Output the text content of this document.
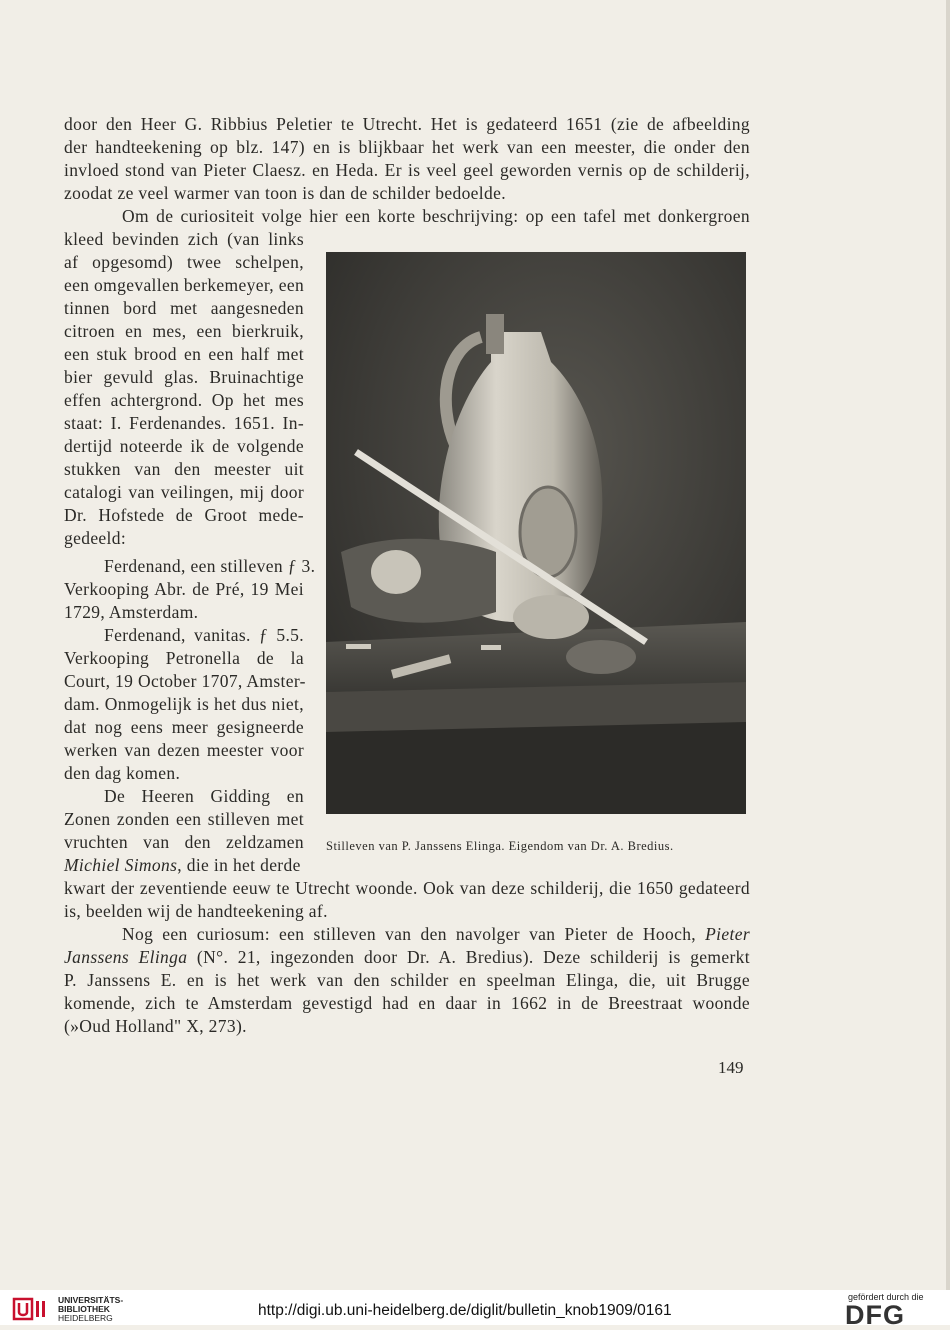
door den Heer G. Ribbius Peletier te Utrecht. Het is gedateerd 1651 (zie de afbeelding
der handteekening op blz. 147) en is blijkbaar het werk van een meester, die onder den
invloed stond van Pieter Claesz. en Heda. Er is veel geel geworden vernis op de schilderij,
zoodat ze veel warmer van toon is dan de schilder bedoelde.
Om de curiositeit volge hier een korte beschrijving: op een tafel met donkergroen
kleed bevinden zich (van links
af opgesomd) twee schelpen,
een omgevallen berkemeyer, een
tinnen bord met aangesneden
citroen en mes, een bierkruik,
een stuk brood en een half met
bier gevuld glas. Bruinachtige
effen achtergrond. Op het mes
staat: I. Ferdenandes. 1651. In-
dertijd noteerde ik de volgende
stukken van den meester uit
catalogi van veilingen, mij door
Dr. Hofstede de Groot mede-
gedeeld:
Ferdenand, een stilleven ƒ 3.
Verkooping Abr. de Pré, 19 Mei
1729, Amsterdam.
Ferdenand, vanitas. ƒ 5.5.
Verkooping Petronella de la
Court, 19 October 1707, Amster-
dam. Onmogelijk is het dus niet,
dat nog eens meer gesigneerde
werken van dezen meester voor
den dag komen.
De Heeren Gidding en
Zonen zonden een stilleven met
vruchten van den zeldzamen
Michiel Simons, die in het derde
kwart der zeventiende eeuw te Utrecht woonde. Ook van deze schilderij, die 1650 gedateerd
is, beelden wij de handteekening af.
Nog een curiosum: een stilleven van den navolger van Pieter de Hooch, Pieter
Janssens Elinga (N°. 21, ingezonden door Dr. A. Bredius). Deze schilderij is gemerkt
P. Janssens E. en is het werk van den schilder en speelman Elinga, die, uit Brugge
komende, zich te Amsterdam gevestigd had en daar in 1662 in de Breestraat woonde
(»Oud Holland" X, 273).
Stilleven van P. Janssens Elinga. Eigendom van Dr. A. Bredius.
149
UNIVERSITÄTS-
BIBLIOTHEK
HEIDELBERG	http://digi.ub.uni-heidelberg.de/diglit/bulletin_knob1909/0161
gefördert durch die
DFG
